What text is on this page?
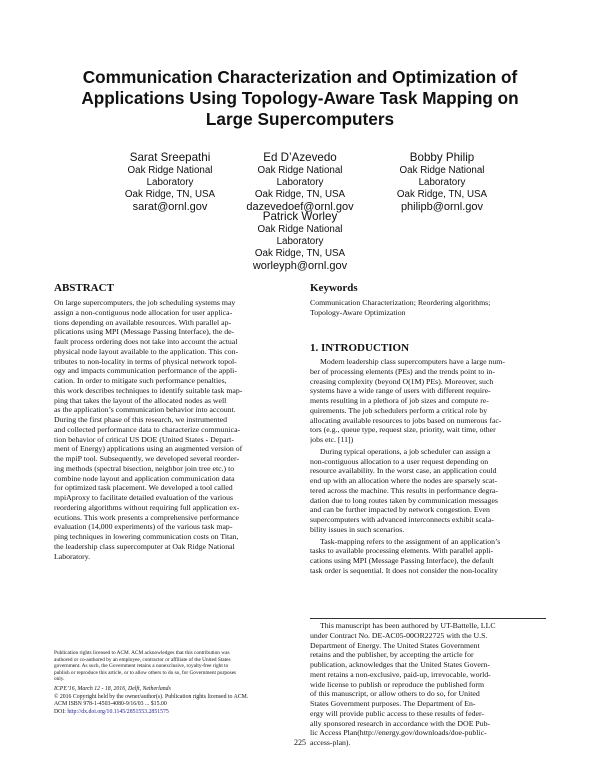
Communication Characterization and Optimization of
Applications Using Topology-Aware Task Mapping on
Large Supercomputers
Sarat Sreepathi
Oak Ridge National
Laboratory
Oak Ridge, TN, USA
sarat@ornl.gov
Ed D’Azevedo
Oak Ridge National
Laboratory
Oak Ridge, TN, USA
dazevedoef@ornl.gov
Bobby Philip
Oak Ridge National
Laboratory
Oak Ridge, TN, USA
philipb@ornl.gov
Patrick Worley
Oak Ridge National
Laboratory
Oak Ridge, TN, USA
worleyph@ornl.gov
ABSTRACT
On large supercomputers, the job scheduling systems may
assign a non-contiguous node allocation for user applica-
tions depending on available resources. With parallel ap-
plications using MPI (Message Passing Interface), the de-
fault process ordering does not take into account the actual
physical node layout available to the application. This con-
tributes to non-locality in terms of physical network topol-
ogy and impacts communication performance of the appli-
cation. In order to mitigate such performance penalties,
this work describes techniques to identify suitable task map-
ping that takes the layout of the allocated nodes as well
as the application’s communication behavior into account.
During the first phase of this research, we instrumented
and collected performance data to characterize communica-
tion behavior of critical US DOE (United States - Depart-
ment of Energy) applications using an augmented version of
the mpiP tool. Subsequently, we developed several reorder-
ing methods (spectral bisection, neighbor join tree etc.) to
combine node layout and application communication data
for optimized task placement. We developed a tool called
mpiAproxy to facilitate detailed evaluation of the various
reordering algorithms without requiring full application ex-
ecutions. This work presents a comprehensive performance
evaluation (14,000 experiments) of the various task map-
ping techniques in lowering communication costs on Titan,
the leadership class supercomputer at Oak Ridge National
Laboratory.
Publication rights licensed to ACM. ACM acknowledges that this contribution was
authored or co-authored by an employee, contractor or affiliate of the United States
government. As such, the Government retains a nonexclusive, royalty-free right to
publish or reproduce this article, or to allow others to do so, for Government purposes
only.
ICPE’16, March 12 - 18, 2016, Delft, Netherlands
© 2016 Copyright held by the owner/author(s). Publication rights licensed to ACM.
ACM ISBN 978-1-4503-4080-9/16/03 ... $15.00
DOI: http://dx.doi.org/10.1145/2851553.2851575
Keywords
Communication Characterization; Reordering algorithms;
Topology-Aware Optimization
1. INTRODUCTION
Modern leadership class supercomputers have a large num-
ber of processing elements (PEs) and the trends point to in-
creasing complexity (beyond O(1M) PEs). Moreover, such
systems have a wide range of users with different require-
ments resulting in a plethora of job sizes and compute re-
quirements. The job schedulers perform a critical role by
allocating available resources to jobs based on numerous fac-
tors (e.g., queue type, request size, priority, wait time, other
jobs etc. [11])
During typical operations, a job scheduler can assign a
non-contiguous allocation to a user request depending on
resource availability. In the worst case, an application could
end up with an allocation where the nodes are sparsely scat-
tered across the machine. This results in performance degra-
dation due to long routes taken by communication messages
and can be further impacted by network congestion. Even
supercomputers with advanced interconnects exhibit scala-
bility issues in such scenarios.
Task-mapping refers to the assignment of an application’s
tasks to available processing elements. With parallel appli-
cations using MPI (Message Passing Interface), the default
task order is sequential. It does not consider the non-locality
This manuscript has been authored by UT-Battelle, LLC
under Contract No. DE-AC05-00OR22725 with the U.S.
Department of Energy. The United States Government
retains and the publisher, by accepting the article for
publication, acknowledges that the United States Govern-
ment retains a non-exclusive, paid-up, irrevocable, world-
wide license to publish or reproduce the published form
of this manuscript, or allow others to do so, for United
States Government purposes. The Department of En-
ergy will provide public access to these results of feder-
ally sponsored research in accordance with the DOE Pub-
lic Access Plan(http://energy.gov/downloads/doe-public-
access-plan).
225
